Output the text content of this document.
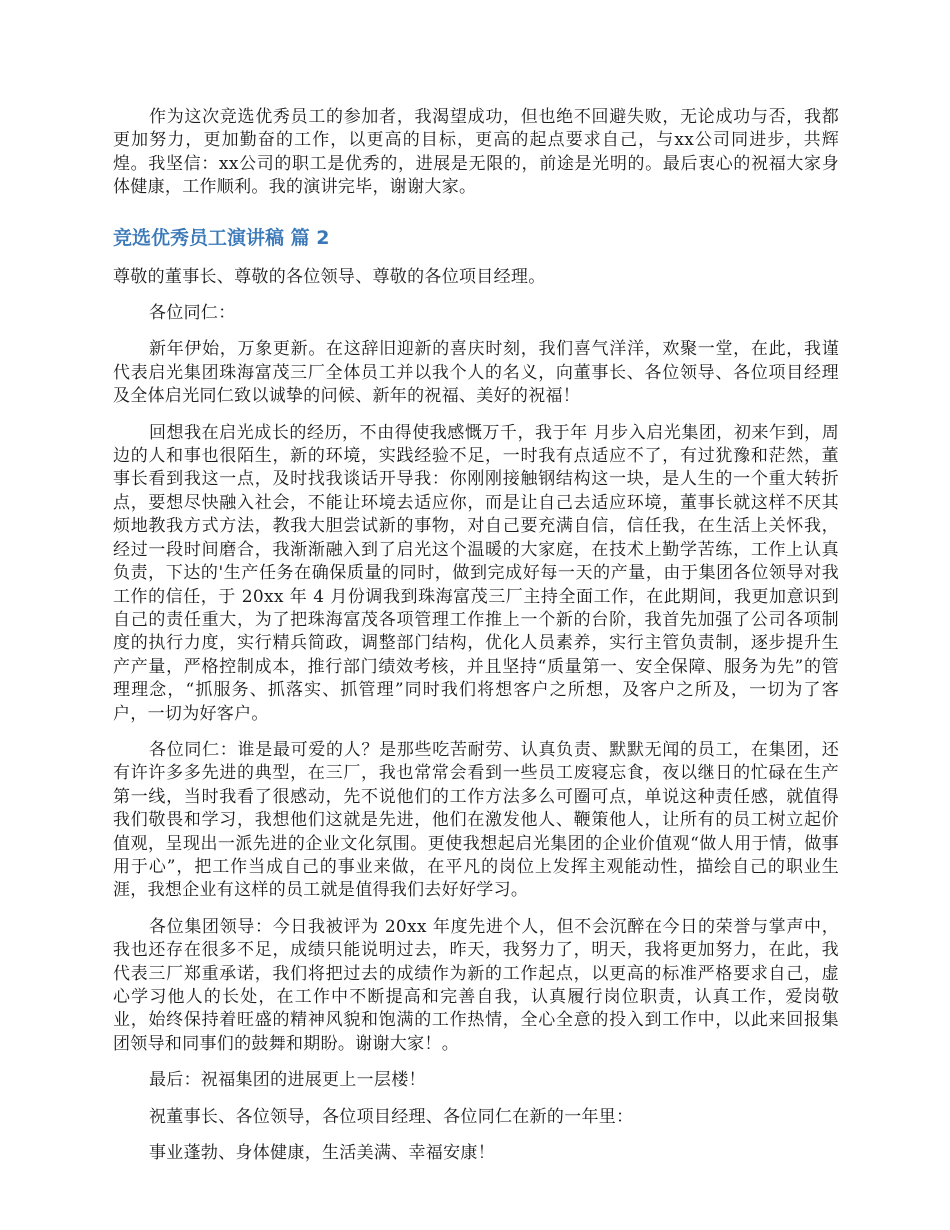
作为这次竞选优秀员工的参加者，我渴望成功，但也绝不回避失败，无论成功与否，我都更加努力，更加勤奋的工作，以更高的目标，更高的起点要求自己，与xx公司同进步，共辉煌。我坚信：xx公司的职工是优秀的，进展是无限的，前途是光明的。最后衷心的祝福大家身体健康，工作顺利。我的演讲完毕，谢谢大家。

竞选优秀员工演讲稿 篇 2

尊敬的董事长、尊敬的各位领导、尊敬的各位项目经理。

各位同仁：

新年伊始，万象更新。在这辞旧迎新的喜庆时刻，我们喜气洋洋，欢聚一堂，在此，我谨代表启光集团珠海富茂三厂全体员工并以我个人的名义，向董事长、各位领导、各位项目经理及全体启光同仁致以诚挚的问候、新年的祝福、美好的祝福！

回想我在启光成长的经历，不由得使我感慨万千，我于年 月步入启光集团，初来乍到，周边的人和事也很陌生，新的环境，实践经验不足，一时我有点适应不了，有过犹豫和茫然，董事长看到我这一点，及时找我谈话开导我：你刚刚接触钢结构这一块，是人生的一个重大转折点，要想尽快融入社会，不能让环境去适应你，而是让自己去适应环境，董事长就这样不厌其烦地教我方式方法，教我大胆尝试新的事物，对自己要充满自信，信任我，在生活上关怀我，经过一段时间磨合，我渐渐融入到了启光这个温暖的大家庭，在技术上勤学苦练，工作上认真负责，下达的'生产任务在确保质量的同时，做到完成好每一天的产量，由于集团各位领导对我工作的信任，于 20xx 年 4 月份调我到珠海富茂三厂主持全面工作，在此期间，我更加意识到自己的责任重大，为了把珠海富茂各项管理工作推上一个新的台阶，我首先加强了公司各项制度的执行力度，实行精兵简政，调整部门结构，优化人员素养，实行主管负责制，逐步提升生产产量，严格控制成本，推行部门绩效考核，并且坚持“质量第一、安全保障、服务为先”的管理理念，“抓服务、抓落实、抓管理”同时我们将想客户之所想，及客户之所及，一切为了客户，一切为好客户。

各位同仁：谁是最可爱的人？是那些吃苦耐劳、认真负责、默默无闻的员工，在集团，还有许许多多先进的典型，在三厂，我也常常会看到一些员工废寝忘食，夜以继日的忙碌在生产第一线，当时我看了很感动，先不说他们的工作方法多么可圈可点，单说这种责任感，就值得我们敬畏和学习，我想他们这就是先进，他们在激发他人、鞭策他人，让所有的员工树立起价值观，呈现出一派先进的企业文化氛围。更使我想起启光集团的企业价值观“做人用于情，做事用于心”，把工作当成自己的事业来做，在平凡的岗位上发挥主观能动性，描绘自己的职业生涯，我想企业有这样的员工就是值得我们去好好学习。

各位集团领导：今日我被评为 20xx 年度先进个人，但不会沉醉在今日的荣誉与掌声中，我也还存在很多不足，成绩只能说明过去，昨天，我努力了，明天，我将更加努力，在此，我代表三厂郑重承诺，我们将把过去的成绩作为新的工作起点，以更高的标准严格要求自己，虚心学习他人的长处，在工作中不断提高和完善自我，认真履行岗位职责，认真工作，爱岗敬业，始终保持着旺盛的精神风貌和饱满的工作热情，全心全意的投入到工作中，以此来回报集团领导和同事们的鼓舞和期盼。谢谢大家！。

最后：祝福集团的进展更上一层楼！

祝董事长、各位领导，各位项目经理、各位同仁在新的一年里：

事业蓬勃、身体健康，生活美满、幸福安康！
